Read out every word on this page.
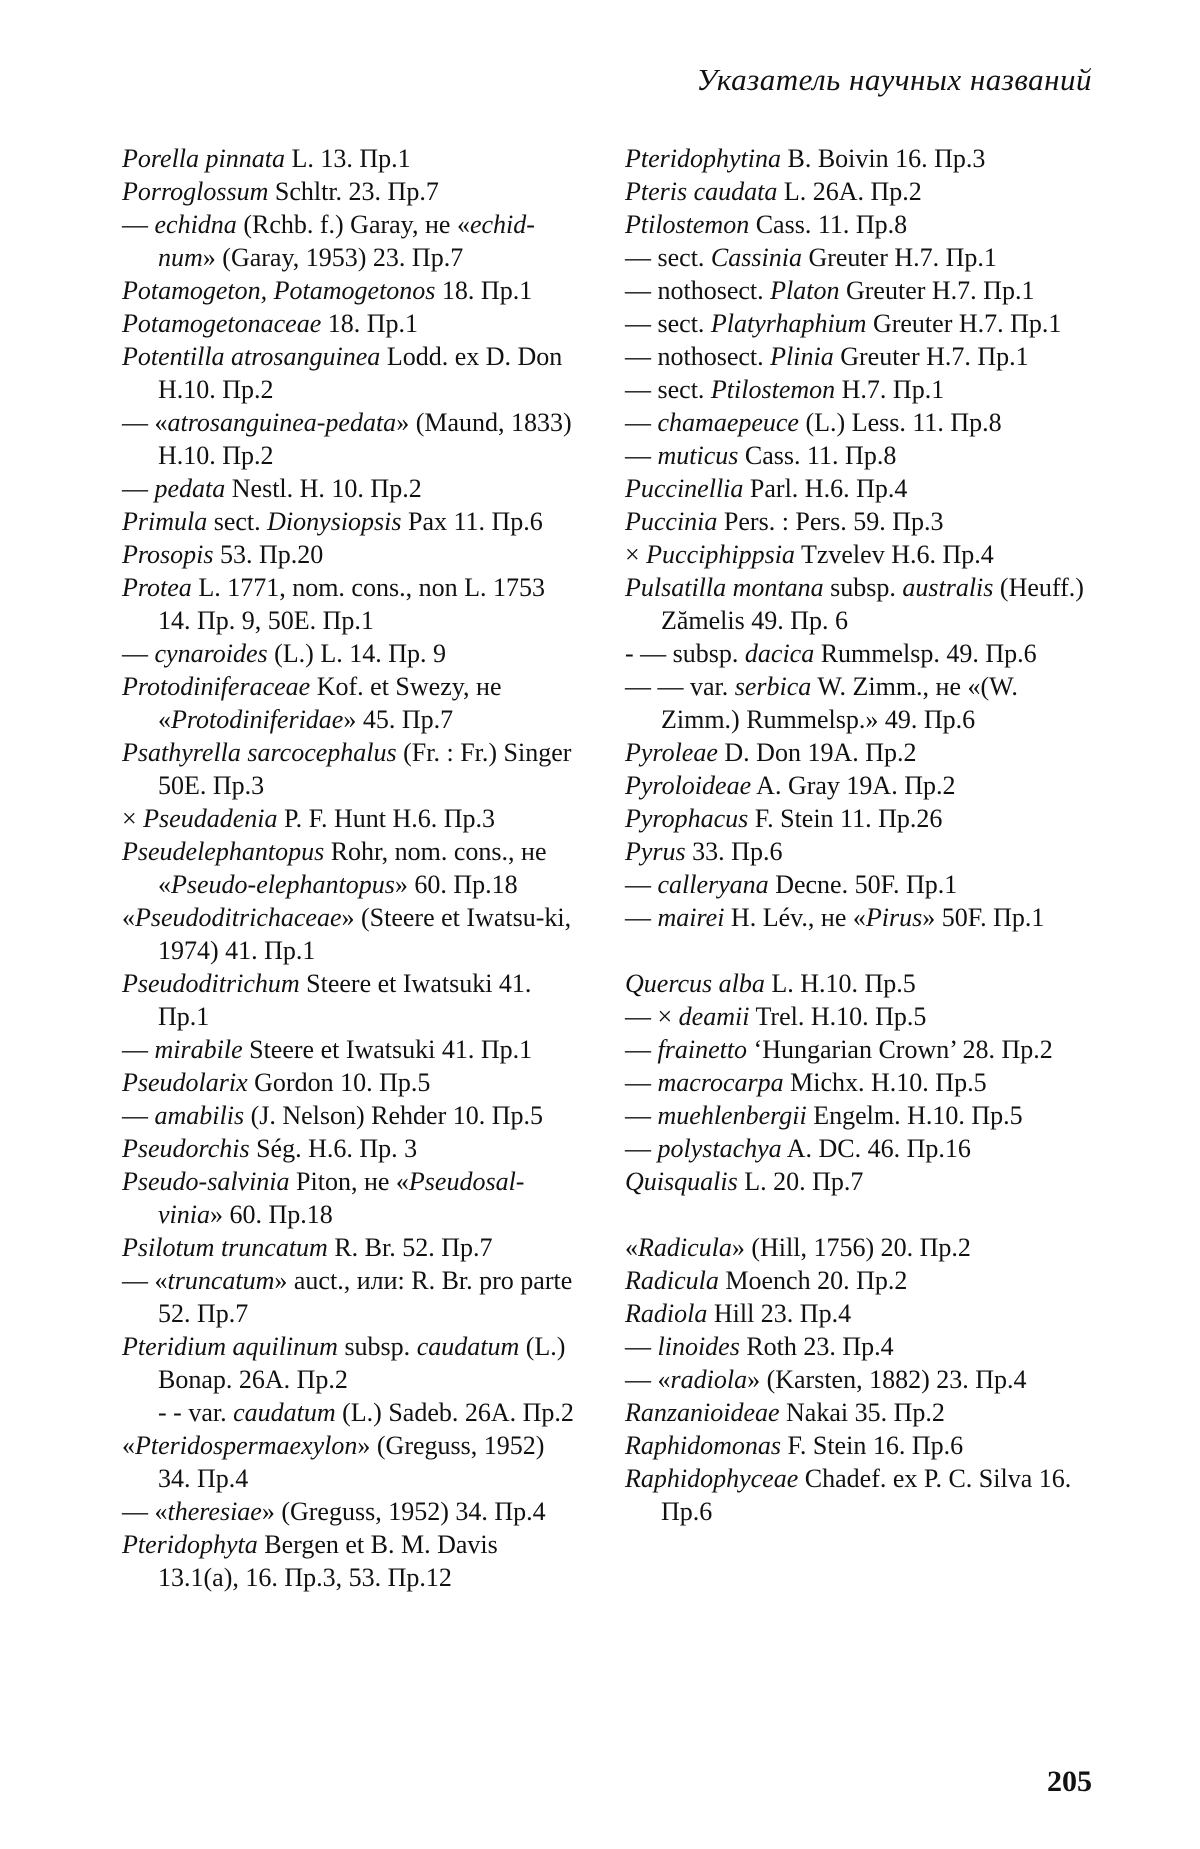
Указатель научных названий
Porella pinnata L. 13. Пр.1
Porroglossum Schltr. 23. Пр.7
— echidna (Rchb. f.) Garay, не «echid-num» (Garay, 1953) 23. Пр.7
Potamogeton, Potamogetonos 18. Пр.1
Potamogetonaceae 18. Пр.1
Potentilla atrosanguinea Lodd. ex D. Don H.10. Пр.2
— «atrosanguinea-pedata» (Maund, 1833) H.10. Пр.2
— pedata Nestl. H. 10. Пр.2
Primula sect. Dionysiopsis Pax 11. Пр.6
Prosopis 53. Пр.20
Protea L. 1771, nom. cons., non L. 1753 14. Пр. 9, 50E. Пр.1
— cynaroides (L.) L. 14. Пр. 9
Protodiniferaceae Kof. et Swezy, не «Protodiniferidae» 45. Пр.7
Psathyrella sarcocephalus (Fr. : Fr.) Singer 50E. Пр.3
× Pseudadenia P. F. Hunt H.6. Пр.3
Pseudelephantopus Rohr, nom. cons., не «Pseudo-elephantopus» 60. Пр.18
«Pseudoditrichaceae» (Steere et Iwatsu-ki, 1974) 41. Пр.1
Pseudoditrichum Steere et Iwatsuki 41. Пр.1
— mirabile Steere et Iwatsuki 41. Пр.1
Pseudolarix Gordon 10. Пр.5
— amabilis (J. Nelson) Rehder 10. Пр.5
Pseudorchis Ség. H.6. Пр. 3
Pseudo-salvinia Piton, не «Pseudosal-vinia» 60. Пр.18
Psilotum truncatum R. Br. 52. Пр.7
— «truncatum» auct., или: R. Br. pro parte 52. Пр.7
Pteridium aquilinum subsp. caudatum (L.) Bonap. 26A. Пр.2
- - var. caudatum (L.) Sadeb. 26A. Пр.2
«Pteridospermaexylon» (Greguss, 1952) 34. Пр.4
— «theresiae» (Greguss, 1952) 34. Пр.4
Pteridophyta Bergen et B. M. Davis 13.1(a), 16. Пр.3, 53. Пр.12
Pteridophytina B. Boivin 16. Пр.3
Pteris caudata L. 26A. Пр.2
Ptilostemon Cass. 11. Пр.8
— sect. Cassinia Greuter H.7. Пр.1
— nothosect. Platon Greuter H.7. Пр.1
— sect. Platyrhaphium Greuter H.7. Пр.1
— nothosect. Plinia Greuter H.7. Пр.1
— sect. Ptilostemon H.7. Пр.1
— chamaepeuce (L.) Less. 11. Пр.8
— muticus Cass. 11. Пр.8
Puccinellia Parl. H.6. Пр.4
Puccinia Pers. : Pers. 59. Пр.3
× Pucciphippsia Tzvelev H.6. Пр.4
Pulsatilla montana subsp. australis (Heuff.) Zămelis 49. Пр. 6
- — subsp. dacica Rummelsp. 49. Пр.6
— — var. serbica W. Zimm., не «(W. Zimm.) Rummelsp.» 49. Пр.6
Pyroleae D. Don 19A. Пр.2
Pyroloideae A. Gray 19A. Пр.2
Pyrophacus F. Stein 11. Пр.26
Pyrus 33. Пр.6
— calleryana Decne. 50F. Пр.1
— mairei H. Lév., не «Pirus» 50F. Пр.1
Quercus alba L. H.10. Пр.5
— × deamii Trel. H.10. Пр.5
— frainetto ‘Hungarian Crown’ 28. Пр.2
— macrocarpa Michx. H.10. Пр.5
— muehlenbergii Engelm. H.10. Пр.5
— polystachya A. DC. 46. Пр.16
Quisqualis L. 20. Пр.7
«Radicula» (Hill, 1756) 20. Пр.2
Radicula Moench 20. Пр.2
Radiola Hill 23. Пр.4
— linoides Roth 23. Пр.4
— «radiola» (Karsten, 1882) 23. Пр.4
Ranzanioideae Nakai 35. Пр.2
Raphidomonas F. Stein 16. Пр.6
Raphidophyceae Chadef. ex P. C. Silva 16. Пр.6
205
